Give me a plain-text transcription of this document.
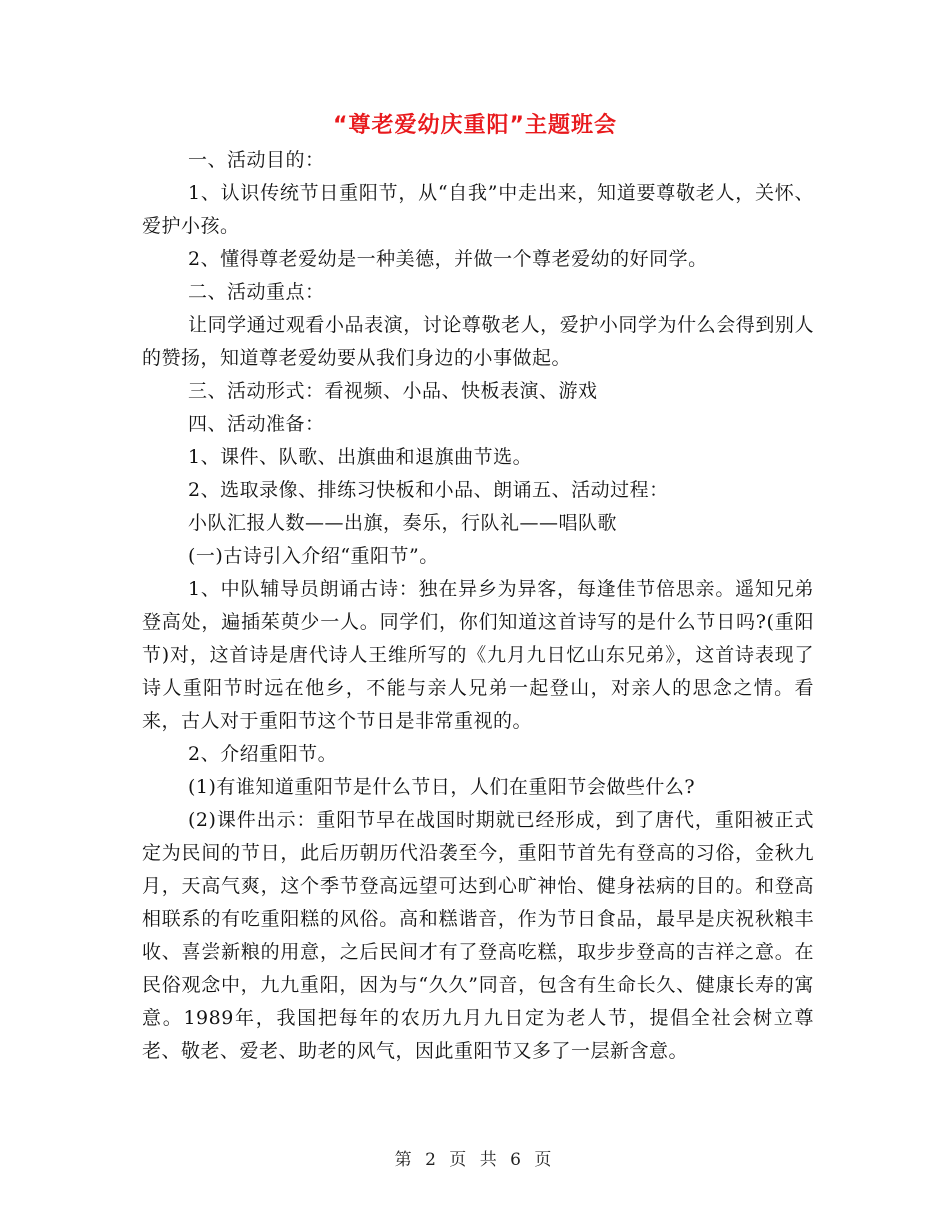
“尊老爱幼庆重阳”主题班会

一、活动目的：

1、认识传统节日重阳节，从“自我”中走出来，知道要尊敬老人，关怀、爱护小孩。

2、懂得尊老爱幼是一种美德，并做一个尊老爱幼的好同学。

二、活动重点：

让同学通过观看小品表演，讨论尊敬老人，爱护小同学为什么会得到别人的赞扬，知道尊老爱幼要从我们身边的小事做起。

三、活动形式：看视频、小品、快板表演、游戏

四、活动准备：

1、课件、队歌、出旗曲和退旗曲节选。

2、选取录像、排练习快板和小品、朗诵五、活动过程：

小队汇报人数——出旗，奏乐，行队礼——唱队歌

(一)古诗引入介绍“重阳节”。

1、中队辅导员朗诵古诗：独在异乡为异客，每逢佳节倍思亲。遥知兄弟登高处，遍插茱萸少一人。同学们，你们知道这首诗写的是什么节日吗?(重阳节)对，这首诗是唐代诗人王维所写的《九月九日忆山东兄弟》，这首诗表现了诗人重阳节时远在他乡，不能与亲人兄弟一起登山，对亲人的思念之情。看来，古人对于重阳节这个节日是非常重视的。

2、介绍重阳节。

(1)有谁知道重阳节是什么节日，人们在重阳节会做些什么?

(2)课件出示：重阳节早在战国时期就已经形成，到了唐代，重阳被正式定为民间的节日，此后历朝历代沿袭至今，重阳节首先有登高的习俗，金秋九月，天高气爽，这个季节登高远望可达到心旷神怡、健身祛病的目的。和登高相联系的有吃重阳糕的风俗。高和糕谐音，作为节日食品，最早是庆祝秋粮丰收、喜尝新粮的用意，之后民间才有了登高吃糕，取步步登高的吉祥之意。在民俗观念中，九九重阳，因为与“久久”同音，包含有生命长久、健康长寿的寓意。1989年，我国把每年的农历九月九日定为老人节，提倡全社会树立尊老、敬老、爱老、助老的风气，因此重阳节又多了一层新含意。

第 2 页 共 6 页
